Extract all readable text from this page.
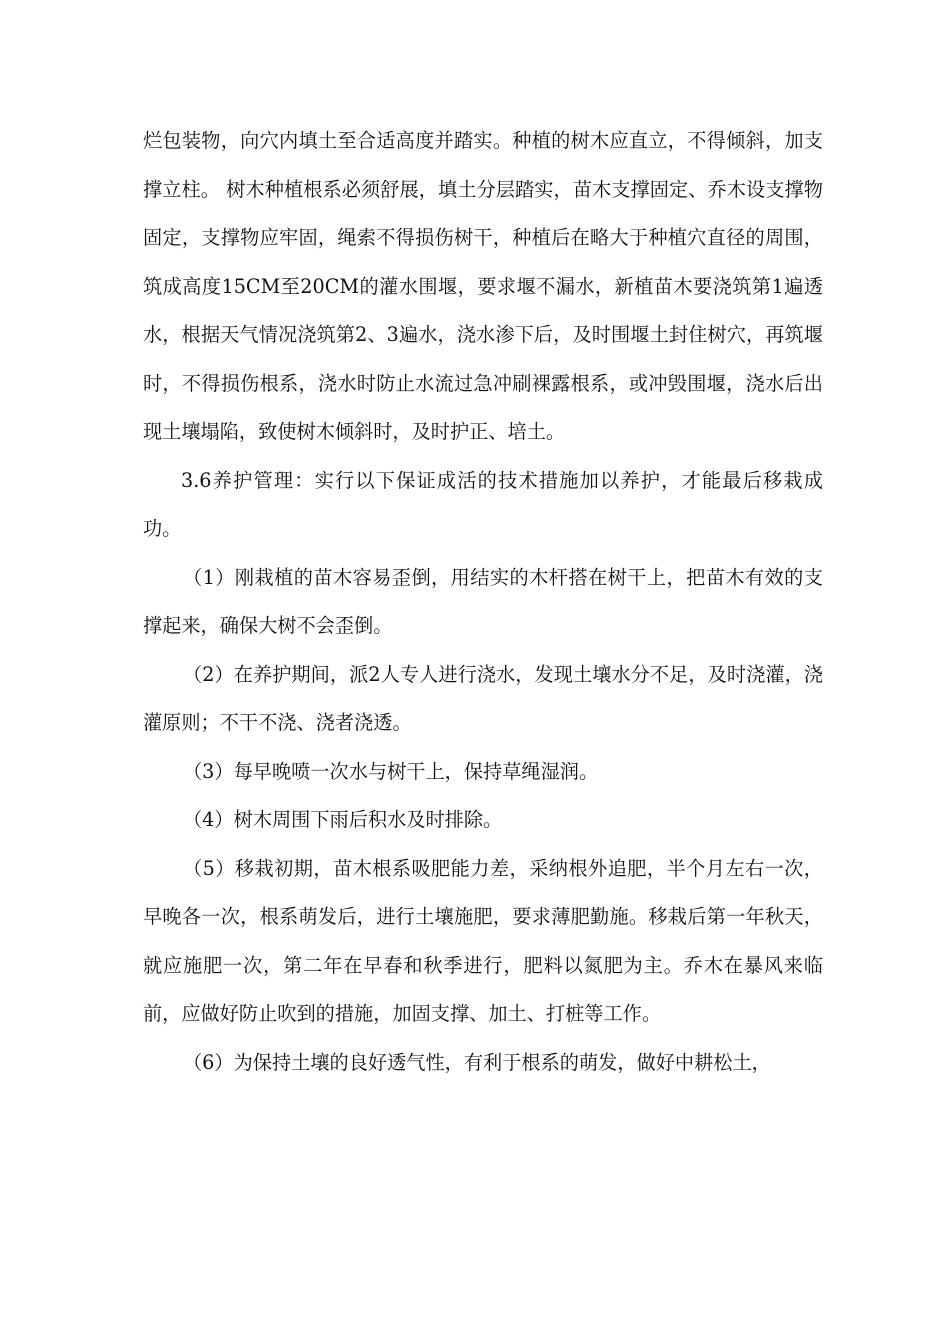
烂包装物，向穴内填土至合适高度并踏实。种植的树木应直立，不得倾斜，加支撑立柱。 树木种植根系必须舒展，填土分层踏实，苗木支撑固定、乔木设支撑物固定，支撑物应牢固，绳索不得损伤树干，种植后在略大于种植穴直径的周围，筑成高度15CM至20CM的灌水围堰，要求堰不漏水，新植苗木要浇筑第1遍透水，根据天气情况浇筑第2、3遍水，浇水渗下后，及时围堰土封住树穴，再筑堰时，不得损伤根系，浇水时防止水流过急冲刷裸露根系，或冲毁围堰，浇水后出现土壤塌陷，致使树木倾斜时，及时护正、培土。

3.6养护管理：实行以下保证成活的技术措施加以养护，才能最后移栽成功。

（1）刚栽植的苗木容易歪倒，用结实的木杆搭在树干上，把苗木有效的支撑起来，确保大树不会歪倒。

（2）在养护期间，派2人专人进行浇水，发现土壤水分不足，及时浇灌，浇灌原则；不干不浇、浇者浇透。

（3）每早晚喷一次水与树干上，保持草绳湿润。

（4）树木周围下雨后积水及时排除。

（5）移栽初期，苗木根系吸肥能力差，采纳根外追肥，半个月左右一次，早晚各一次，根系萌发后，进行土壤施肥，要求薄肥勤施。移栽后第一年秋天，就应施肥一次，第二年在早春和秋季进行，肥料以氮肥为主。乔木在暴风来临前，应做好防止吹到的措施，加固支撑、加土、打桩等工作。

（6）为保持土壤的良好透气性，有利于根系的萌发，做好中耕松土，
